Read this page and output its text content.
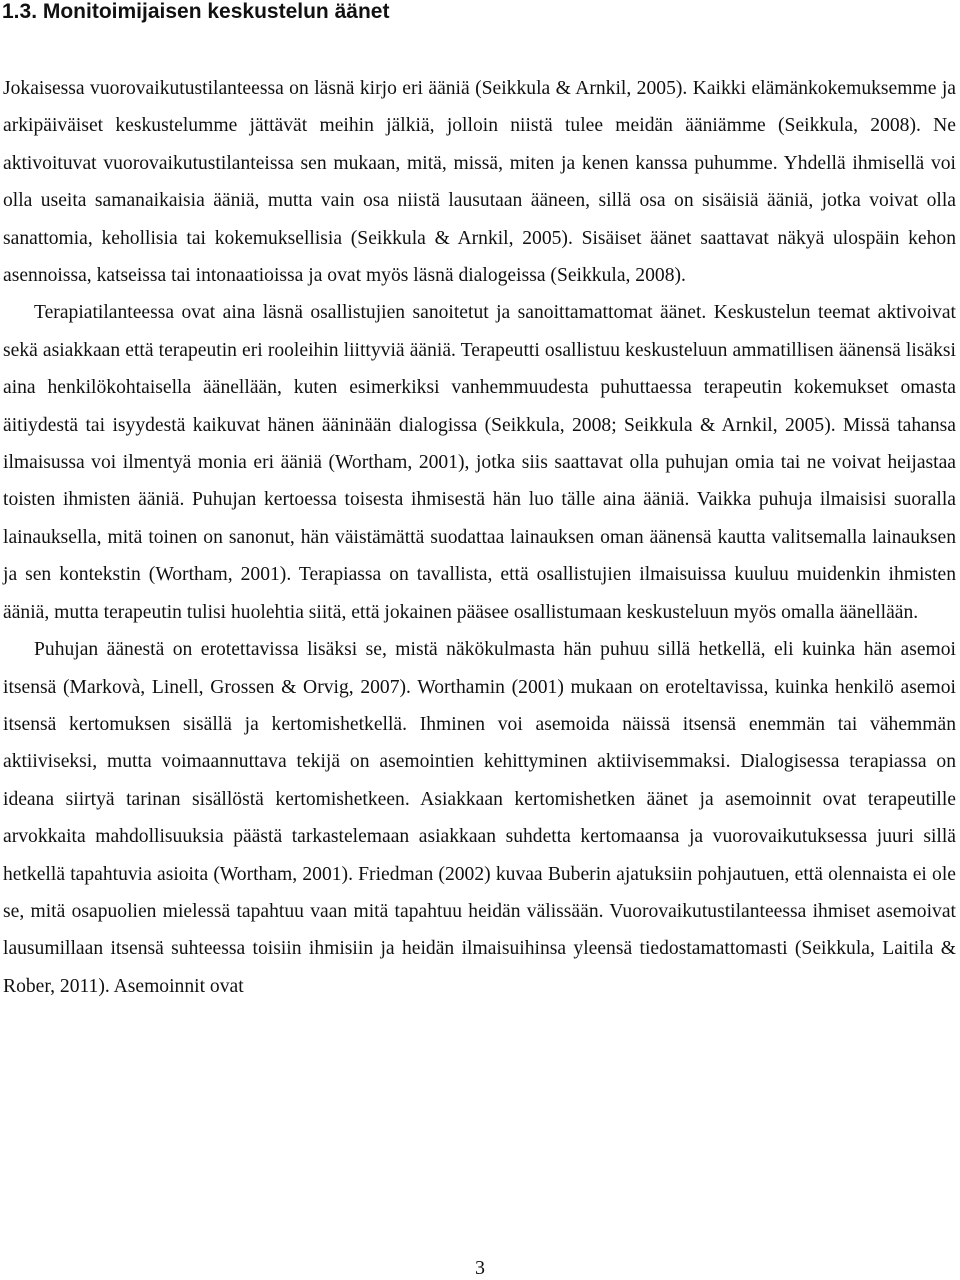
1.3. Monitoimijaisen keskustelun äänet

Jokaisessa vuorovaikutustilanteessa on läsnä kirjo eri ääniä (Seikkula & Arnkil, 2005). Kaikki elämänkokemuksemme ja arkipäiväiset keskustelumme jättävät meihin jälkiä, jolloin niistä tulee meidän ääniämme (Seikkula, 2008). Ne aktivoituvat vuorovaikutustilanteissa sen mukaan, mitä, missä, miten ja kenen kanssa puhumme. Yhdellä ihmisellä voi olla useita samanaikaisia ääniä, mutta vain osa niistä lausutaan ääneen, sillä osa on sisäisiä ääniä, jotka voivat olla sanattomia, kehollisia tai kokemuksellisia (Seikkula & Arnkil, 2005). Sisäiset äänet saattavat näkyä ulospäin kehon asennoissa, katseissa tai intonaatioissa ja ovat myös läsnä dialogeissa (Seikkula, 2008).

Terapiatilanteessa ovat aina läsnä osallistujien sanoitetut ja sanoittamattomat äänet. Keskustelun teemat aktivoivat sekä asiakkaan että terapeutin eri rooleihin liittyviä ääniä. Terapeutti osallistuu keskusteluun ammatillisen äänensä lisäksi aina henkilökohtaisella äänellään, kuten esimerkiksi vanhemmuudesta puhuttaessa terapeutin kokemukset omasta äitiydestä tai isyydestä kaikuvat hänen ääninään dialogissa (Seikkula, 2008; Seikkula & Arnkil, 2005). Missä tahansa ilmaisussa voi ilmentyä monia eri ääniä (Wortham, 2001), jotka siis saattavat olla puhujan omia tai ne voivat heijastaa toisten ihmisten ääniä. Puhujan kertoessa toisesta ihmisestä hän luo tälle aina ääniä. Vaikka puhuja ilmaisisi suoralla lainauksella, mitä toinen on sanonut, hän väistämättä suodattaa lainauksen oman äänensä kautta valitsemalla lainauksen ja sen kontekstin (Wortham, 2001). Terapiassa on tavallista, että osallistujien ilmaisuissa kuuluu muidenkin ihmisten ääniä, mutta terapeutin tulisi huolehtia siitä, että jokainen pääsee osallistumaan keskusteluun myös omalla äänellään.

Puhujan äänestä on erotettavissa lisäksi se, mistä näkökulmasta hän puhuu sillä hetkellä, eli kuinka hän asemoi itsensä (Markovà, Linell, Grossen & Orvig, 2007). Worthamin (2001) mukaan on eroteltavissa, kuinka henkilö asemoi itsensä kertomuksen sisällä ja kertomishetkellä. Ihminen voi asemoida näissä itsensä enemmän tai vähemmän aktiiviseksi, mutta voimaannuttava tekijä on asemointien kehittyminen aktiivisemmaksi. Dialogisessa terapiassa on ideana siirtyä tarinan sisällöstä kertomishetkeen. Asiakkaan kertomishetken äänet ja asemoinnit ovat terapeutille arvokkaita mahdollisuuksia päästä tarkastelemaan asiakkaan suhdetta kertomaansa ja vuorovaikutuksessa juuri sillä hetkellä tapahtuvia asioita (Wortham, 2001). Friedman (2002) kuvaa Buberin ajatuksiin pohjautuen, että olennaista ei ole se, mitä osapuolien mielessä tapahtuu vaan mitä tapahtuu heidän välissään. Vuorovaikutustilanteessa ihmiset asemoivat lausumillaan itsensä suhteessa toisiin ihmisiin ja heidän ilmaisuihinsa yleensä tiedostamattomasti (Seikkula, Laitila & Rober, 2011). Asemoinnit ovat

3
